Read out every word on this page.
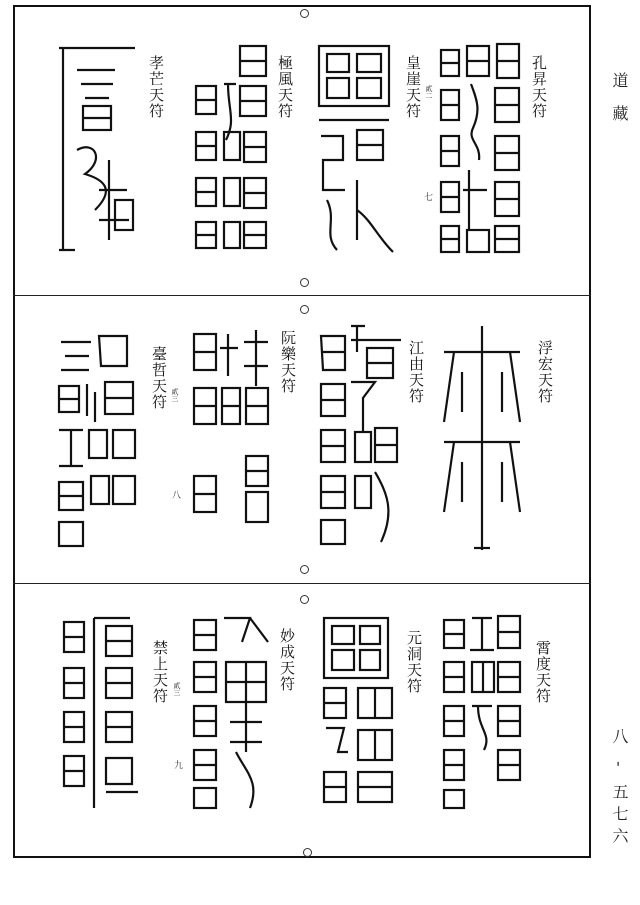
道 藏
八 - 五七六
孔昇天符
皇崖天符 貳二
極風天符
孝芒天符
七
浮宏天符
江由天符
阮樂天符
臺哲天符 貳三
八
霄度天符
元洞天符
妙成天符
禁上天符 貳三
九
